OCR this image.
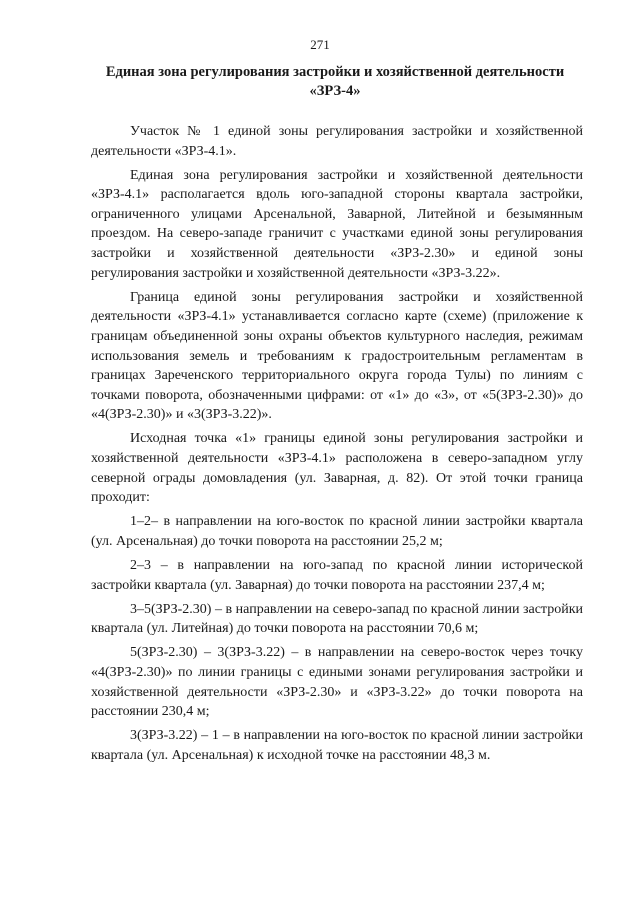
271
Единая зона регулирования застройки и хозяйственной деятельности
«ЗРЗ-4»

Участок № 1 единой зоны регулирования застройки и хозяйственной деятельности «ЗРЗ-4.1».

Единая зона регулирования застройки и хозяйственной деятельности «ЗРЗ-4.1» располагается вдоль юго-западной стороны квартала застройки, ограниченного улицами Арсенальной, Заварной, Литейной и безымянным проездом. На северо-западе граничит с участками единой зоны регулирования застройки и хозяйственной деятельности «ЗРЗ-2.30» и единой зоны регулирования застройки и хозяйственной деятельности «ЗРЗ-3.22».

Граница единой зоны регулирования застройки и хозяйственной деятельности «ЗРЗ-4.1» устанавливается согласно карте (схеме) (приложение к границам объединенной зоны охраны объектов культурного наследия, режимам использования земель и требованиям к градостроительным регламентам в границах Зареченского территориального округа города Тулы) по линиям с точками поворота, обозначенными цифрами: от «1» до «3», от «5(ЗРЗ-2.30)» до «4(ЗРЗ-2.30)» и «3(ЗРЗ-3.22)».

Исходная точка «1» границы единой зоны регулирования застройки и хозяйственной деятельности «ЗРЗ-4.1» расположена в северо-западном углу северной ограды домовладения (ул. Заварная, д. 82). От этой точки граница проходит:

1–2– в направлении на юго-восток по красной линии застройки квартала (ул. Арсенальная) до точки поворота на расстоянии 25,2 м;

2–3 – в направлении на юго-запад по красной линии исторической застройки квартала (ул. Заварная) до точки поворота на расстоянии 237,4 м;

3–5(ЗРЗ-2.30) – в направлении на северо-запад по красной линии застройки квартала (ул. Литейная) до точки поворота на расстоянии 70,6 м;

5(ЗРЗ-2.30) – 3(ЗРЗ-3.22) – в направлении на северо-восток через точку «4(ЗРЗ-2.30)» по линии границы с едиными зонами регулирования застройки и хозяйственной деятельности «ЗРЗ-2.30» и «ЗРЗ-3.22» до точки поворота на расстоянии 230,4 м;

3(ЗРЗ-3.22) – 1 – в направлении на юго-восток по красной линии застройки квартала (ул. Арсенальная) к исходной точке на расстоянии 48,3 м.
